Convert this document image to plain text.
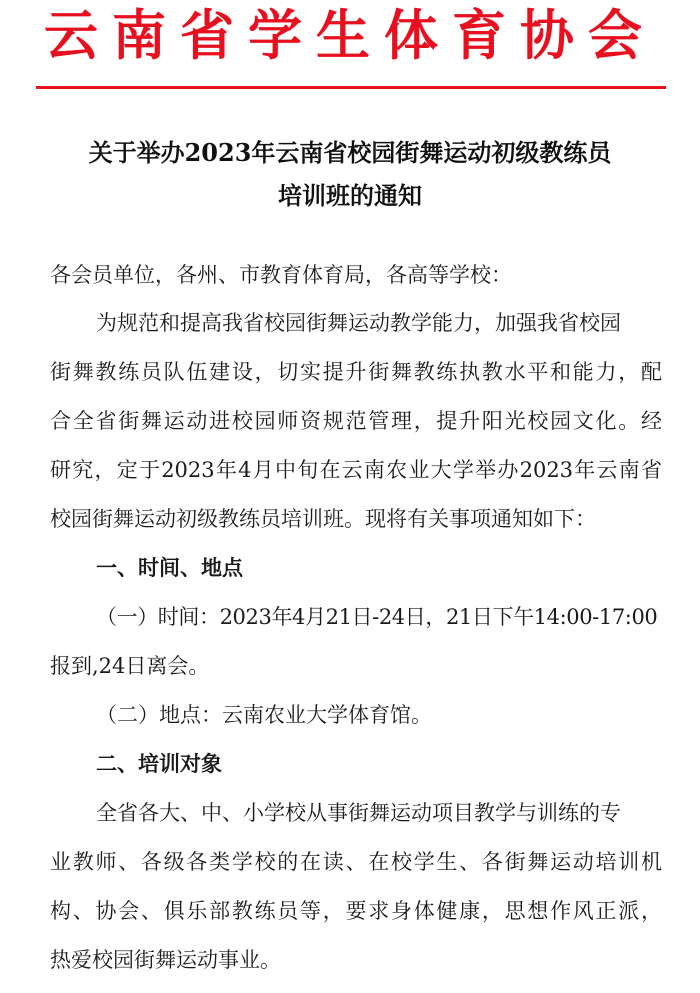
云南省学生体育协会
关于举办2023年云南省校园街舞运动初级教练员
培训班的通知
各会员单位，各州、市教育体育局，各高等学校：
为规范和提高我省校园街舞运动教学能力，加强我省校园
街舞教练员队伍建设，切实提升街舞教练执教水平和能力，配
合全省街舞运动进校园师资规范管理，提升阳光校园文化。经
研究，定于2023年4月中旬在云南农业大学举办2023年云南省
校园街舞运动初级教练员培训班。现将有关事项通知如下：
一、时间、地点
（一）时间：2023年4月21日-24日，21日下午14:00-17:00
报到,24日离会。
（二）地点：云南农业大学体育馆。
二、培训对象
全省各大、中、小学校从事街舞运动项目教学与训练的专
业教师、各级各类学校的在读、在校学生、各街舞运动培训机
构、协会、俱乐部教练员等，要求身体健康，思想作风正派，
热爱校园街舞运动事业。
